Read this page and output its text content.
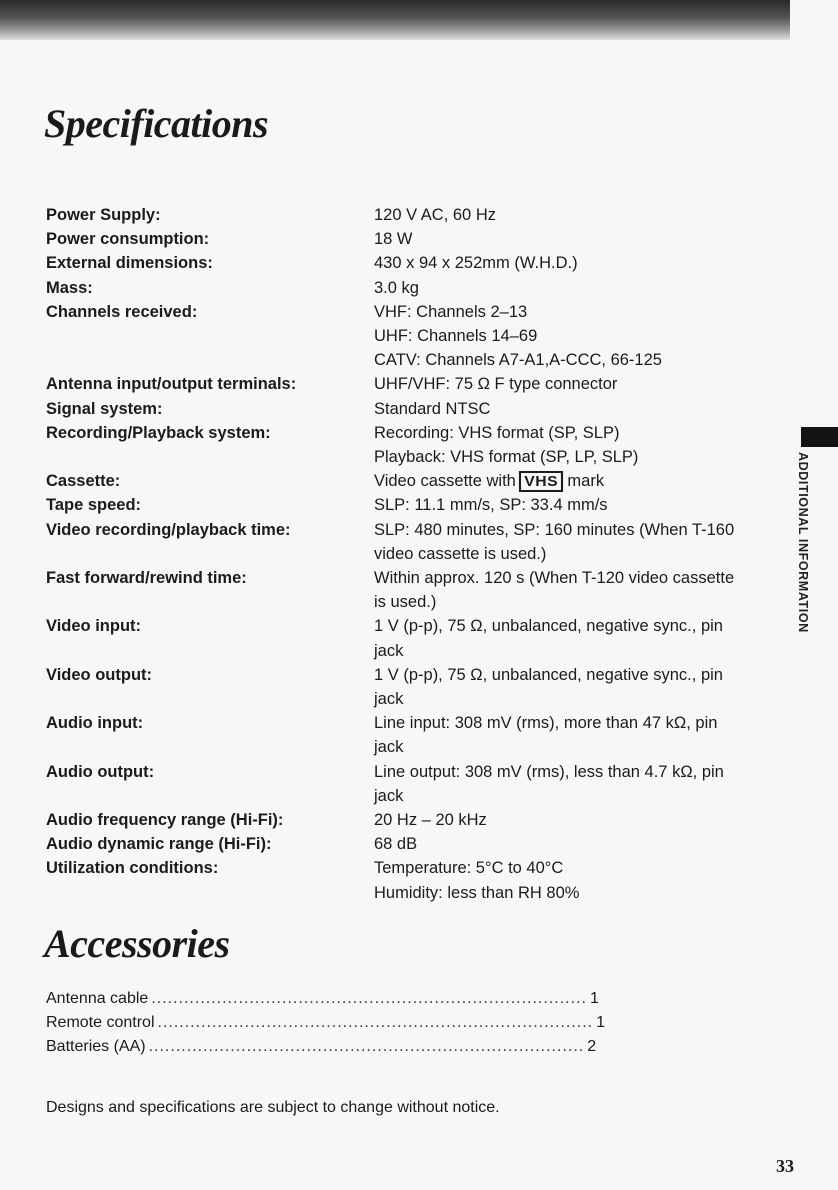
Specifications
Power Supply:	120 V AC, 60 Hz
Power consumption:	18 W
External dimensions:	430 x 94 x 252mm (W.H.D.)
Mass:	3.0 kg
Channels received:	VHF: Channels 2–13
UHF: Channels 14–69
CATV: Channels A7-A1,A-CCC, 66-125
Antenna input/output terminals:	UHF/VHF: 75 Ω F type connector
Signal system:	Standard NTSC
Recording/Playback system:	Recording: VHS format (SP, SLP)
Playback: VHS format (SP, LP, SLP)
Cassette:	Video cassette with VHS mark
Tape speed:	SLP: 11.1 mm/s, SP: 33.4 mm/s
Video recording/playback time:	SLP: 480 minutes, SP: 160 minutes (When T-160
video cassette is used.)
Fast forward/rewind time:	Within approx. 120 s (When T-120 video cassette
is used.)
Video input:	1 V (p-p), 75 Ω, unbalanced, negative sync., pin
jack
Video output:	1 V (p-p), 75 Ω, unbalanced, negative sync., pin
jack
Audio input:	Line input: 308 mV (rms), more than 47 kΩ, pin
jack
Audio output:	Line output: 308 mV (rms), less than 4.7 kΩ, pin
jack
Audio frequency range (Hi-Fi):	20 Hz – 20 kHz
Audio dynamic range (Hi-Fi):	68 dB
Utilization conditions:	Temperature: 5°C to 40°C
Humidity: less than RH 80%
Accessories
Antenna cable ................................................................................ 1
Remote control ................................................................................ 1
Batteries (AA) ................................................................................ 2

Designs and specifications are subject to change without notice.

ADDITIONAL INFORMATION

33
